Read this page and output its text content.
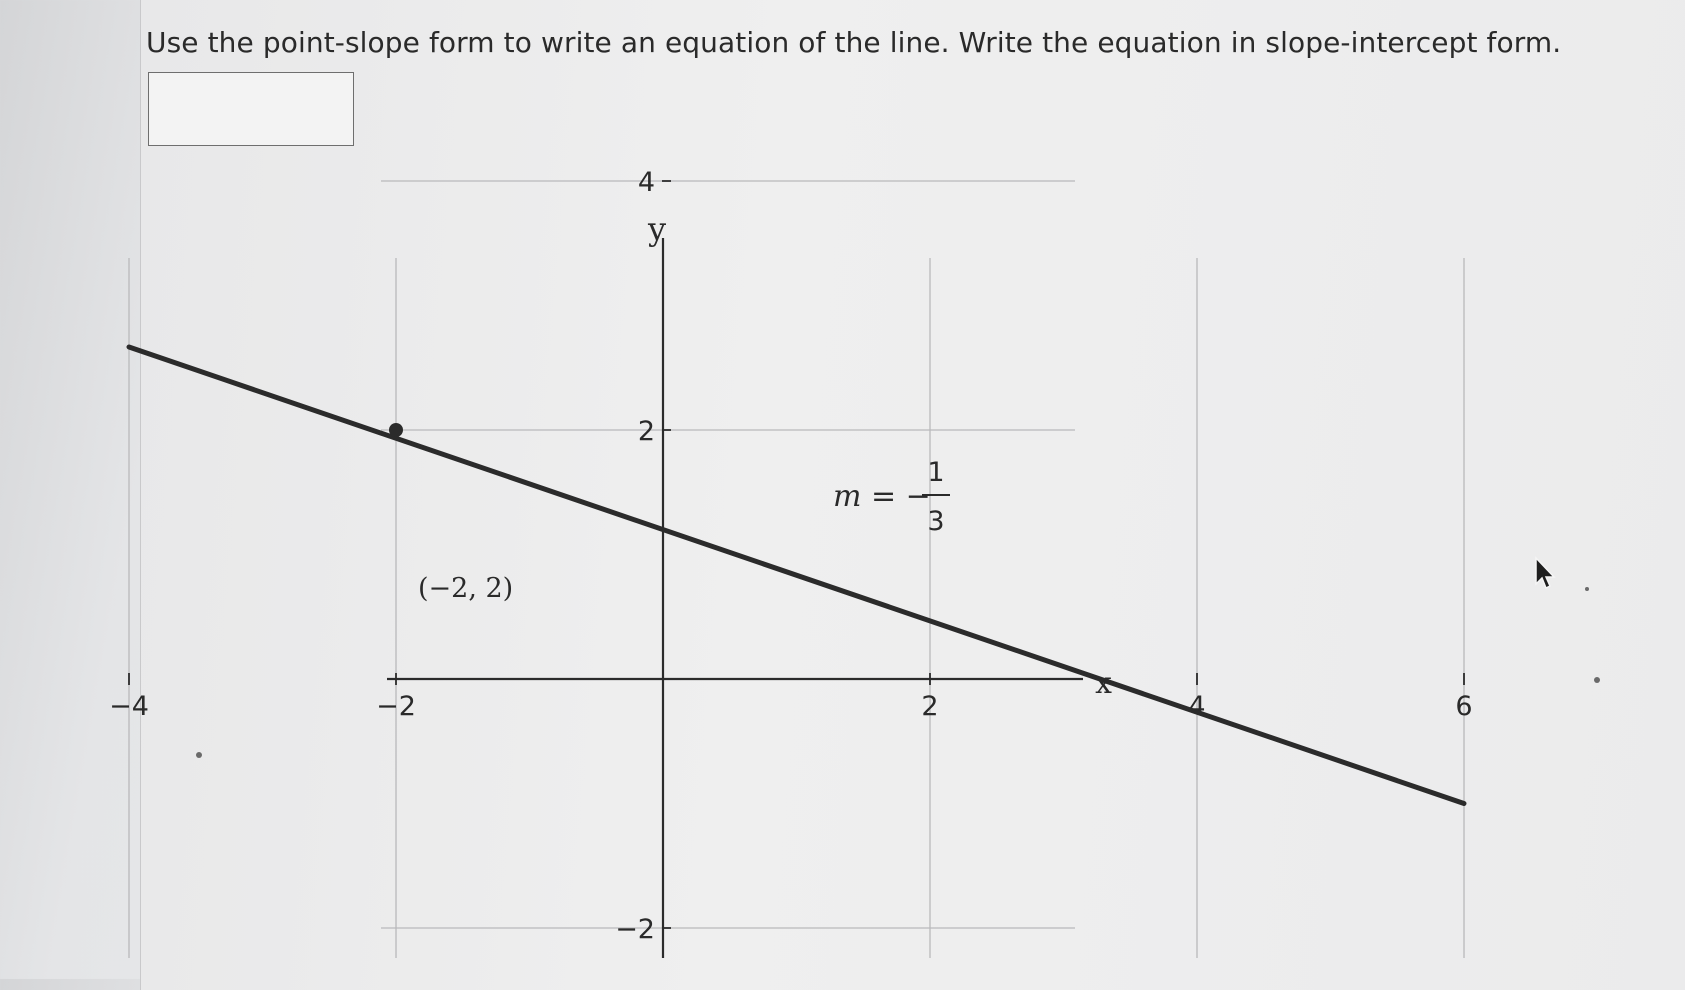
Use the point-slope form to write an equation of the line. Write the equation in slope-intercept form.
−4	−2	2	4	6
4
2
−2
x
y
(−2, 2)
m = −
1
3
